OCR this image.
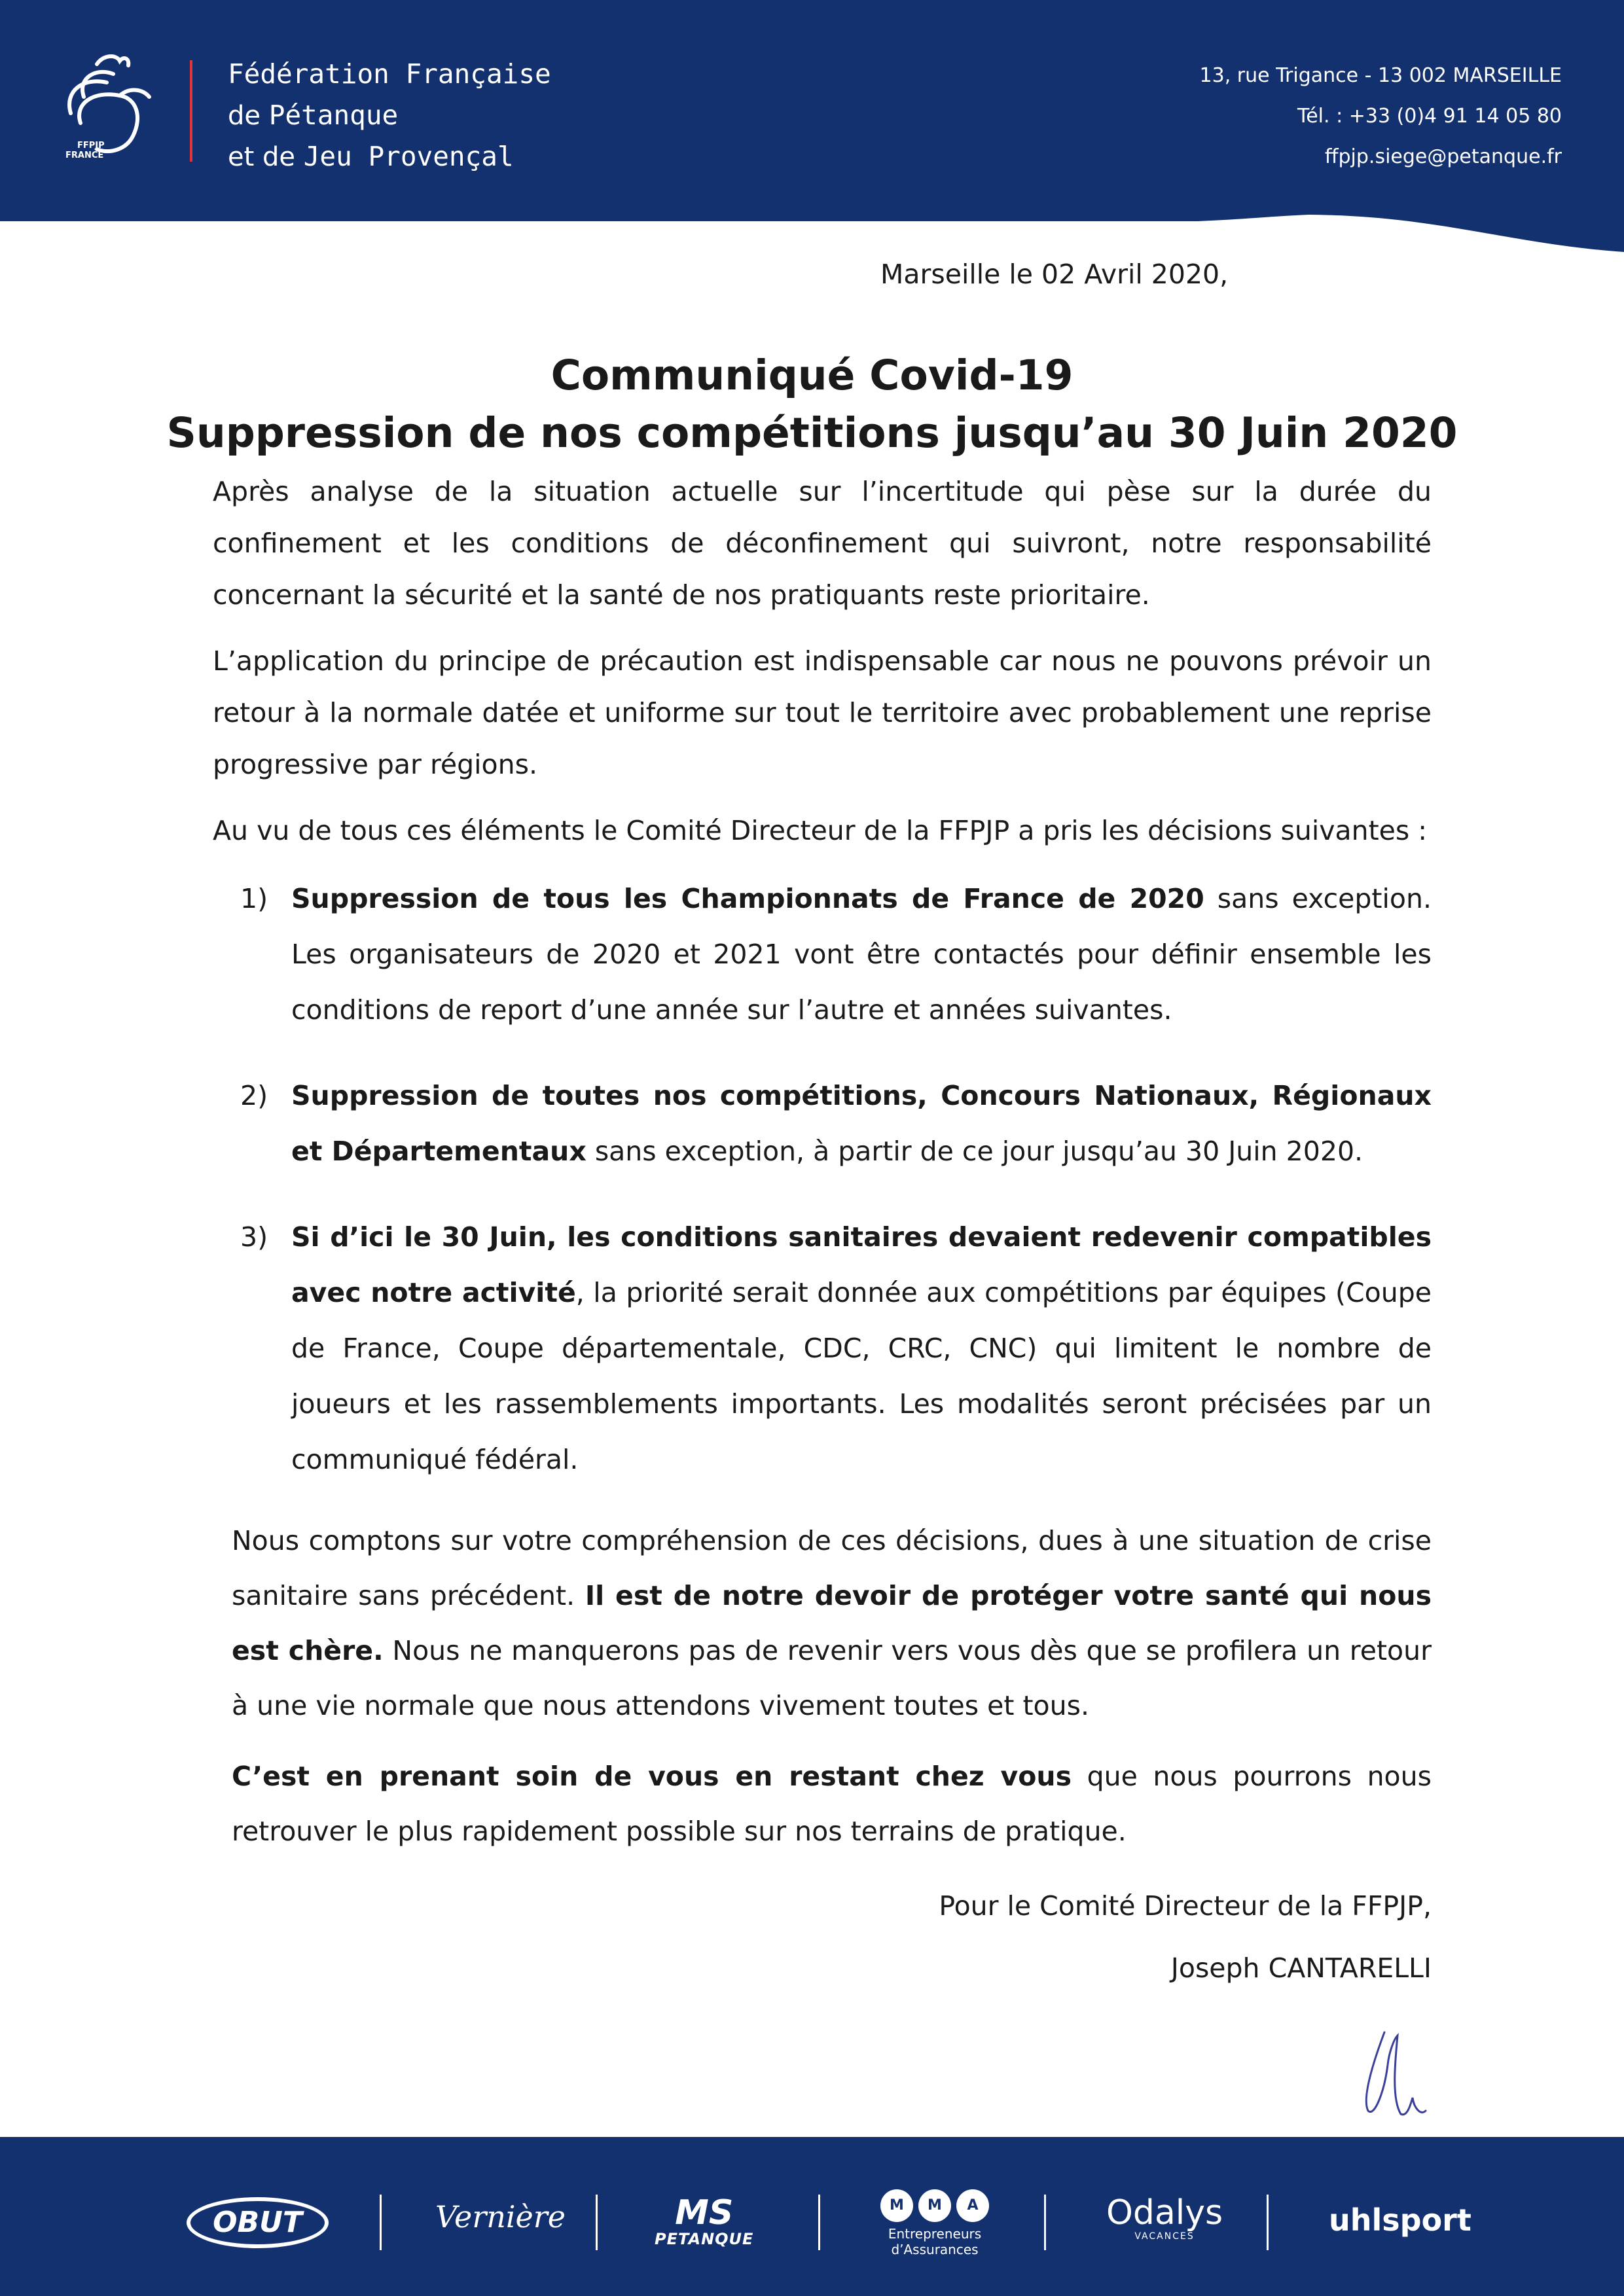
FFPJP
FRANCE
Fédération Française
de Pétanque
et de Jeu Provençal
13, rue Trigance - 13 002 MARSEILLE
Tél. : +33 (0)4 91 14 05 80
ffpjp.siege@petanque.fr
Marseille le 02 Avril 2020,
Communiqué Covid-19
Suppression de nos compétitions jusqu’au 30 Juin 2020

Après analyse de la situation actuelle sur l’incertitude qui pèse sur la durée du confinement et les conditions de déconfinement qui suivront, notre responsabilité concernant la sécurité et la santé de nos pratiquants reste prioritaire.

L’application du principe de précaution est indispensable car nous ne pouvons prévoir un retour à la normale datée et uniforme sur tout le territoire avec probablement une reprise progressive par régions.

Au vu de tous ces éléments le Comité Directeur de la FFPJP a pris les décisions suivantes :

1) Suppression de tous les Championnats de France de 2020 sans exception. Les organisateurs de 2020 et 2021 vont être contactés pour définir ensemble les conditions de report d’une année sur l’autre et années suivantes.
2) Suppression de toutes nos compétitions, Concours Nationaux, Régionaux et Départementaux sans exception, à partir de ce jour jusqu’au 30 Juin 2020.
3) Si d’ici le 30 Juin, les conditions sanitaires devaient redevenir compatibles avec notre activité, la priorité serait donnée aux compétitions par équipes (Coupe de France, Coupe départementale, CDC, CRC, CNC) qui limitent le nombre de joueurs et les rassemblements importants. Les modalités seront précisées par un communiqué fédéral.

Nous comptons sur votre compréhension de ces décisions, dues à une situation de crise sanitaire sans précédent. Il est de notre devoir de protéger votre santé qui nous est chère. Nous ne manquerons pas de revenir vers vous dès que se profilera un retour à une vie normale que nous attendons vivement toutes et tous.

C’est en prenant soin de vous en restant chez vous que nous pourrons nous retrouver le plus rapidement possible sur nos terrains de pratique.

Pour le Comité Directeur de la FFPJP,
Joseph CANTARELLI
OBUT	Vernière	MS
PETANQUE
M	M	A
Entrepreneurs
d’Assurances
Odalys
VACANCES	uhlsport
